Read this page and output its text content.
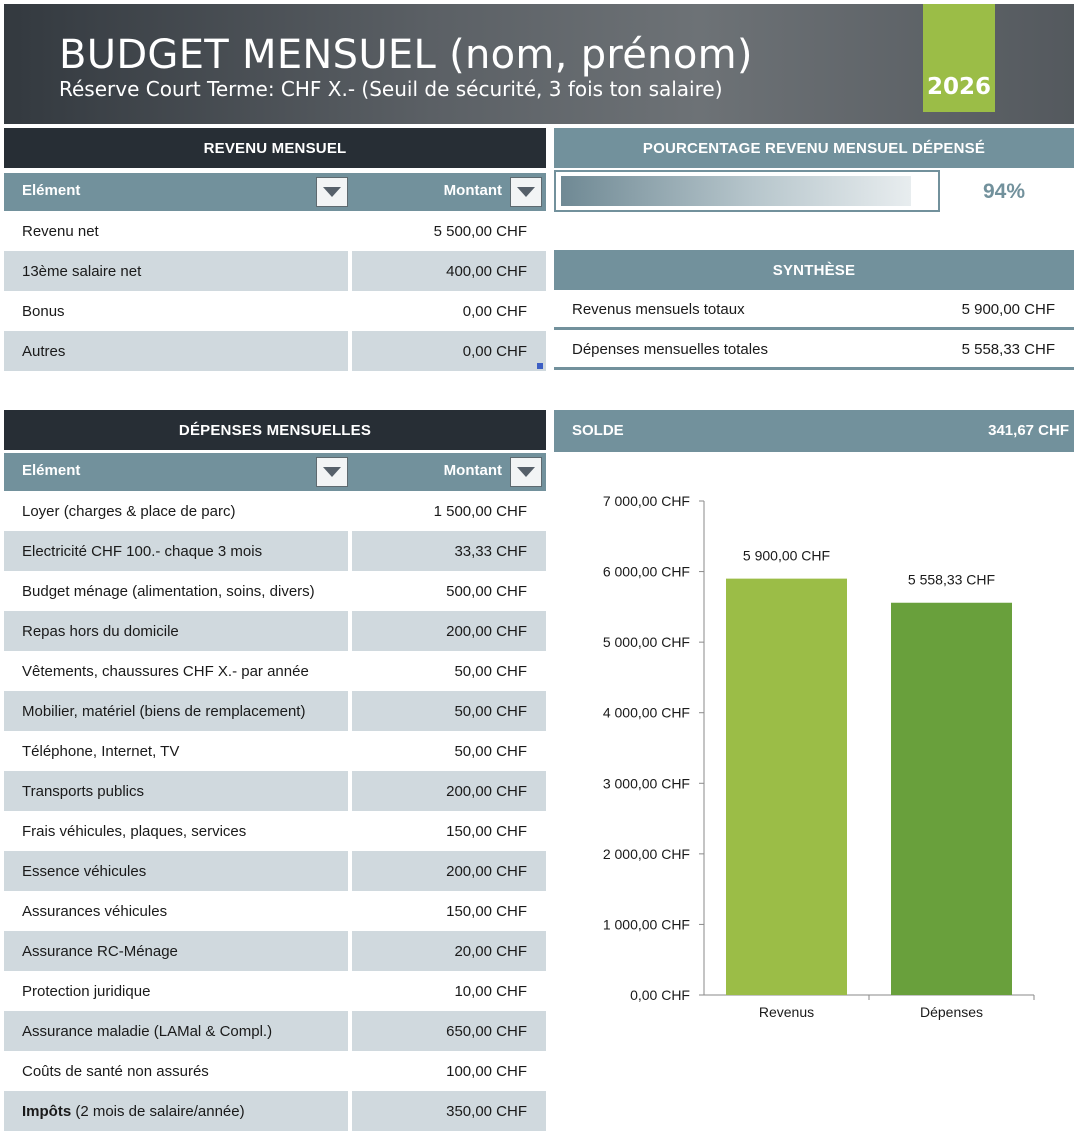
BUDGET MENSUEL (nom, prénom)
Réserve Court Terme: CHF X.- (Seuil de sécurité, 3 fois ton salaire)	2026
REVENU MENSUEL
Elément	Montant
Revenu net	5 500,00 CHF
13ème salaire net	400,00 CHF
Bonus	0,00 CHF
Autres	0,00 CHF
POURCENTAGE REVENU MENSUEL DÉPENSÉ
94%
SYNTHÈSE
Revenus mensuels totaux	5 900,00 CHF
Dépenses mensuelles totales	5 558,33 CHF
SOLDE	341,67 CHF
DÉPENSES MENSUELLES
Elément	Montant
Loyer (charges & place de parc)	1 500,00 CHF
Electricité CHF 100.- chaque 3 mois	33,33 CHF
Budget ménage (alimentation, soins, divers)	500,00 CHF
Repas hors du domicile	200,00 CHF
Vêtements, chaussures CHF X.- par année	50,00 CHF
Mobilier, matériel (biens de remplacement)	50,00 CHF
Téléphone, Internet, TV	50,00 CHF
Transports publics	200,00 CHF
Frais véhicules, plaques, services	150,00 CHF
Essence véhicules	200,00 CHF
Assurances véhicules	150,00 CHF
Assurance RC-Ménage	20,00 CHF
Protection juridique	10,00 CHF
Assurance maladie (LAMal & Compl.)	650,00 CHF
Coûts de santé non assurés	100,00 CHF
Impôts (2 mois de salaire/année)	350,00 CHF
0,00 CHF
1 000,00 CHF
2 000,00 CHF
3 000,00 CHF
4 000,00 CHF
5 000,00 CHF
6 000,00 CHF
7 000,00 CHF
5 900,00 CHF
Revenus
5 558,33 CHF
Dépenses
